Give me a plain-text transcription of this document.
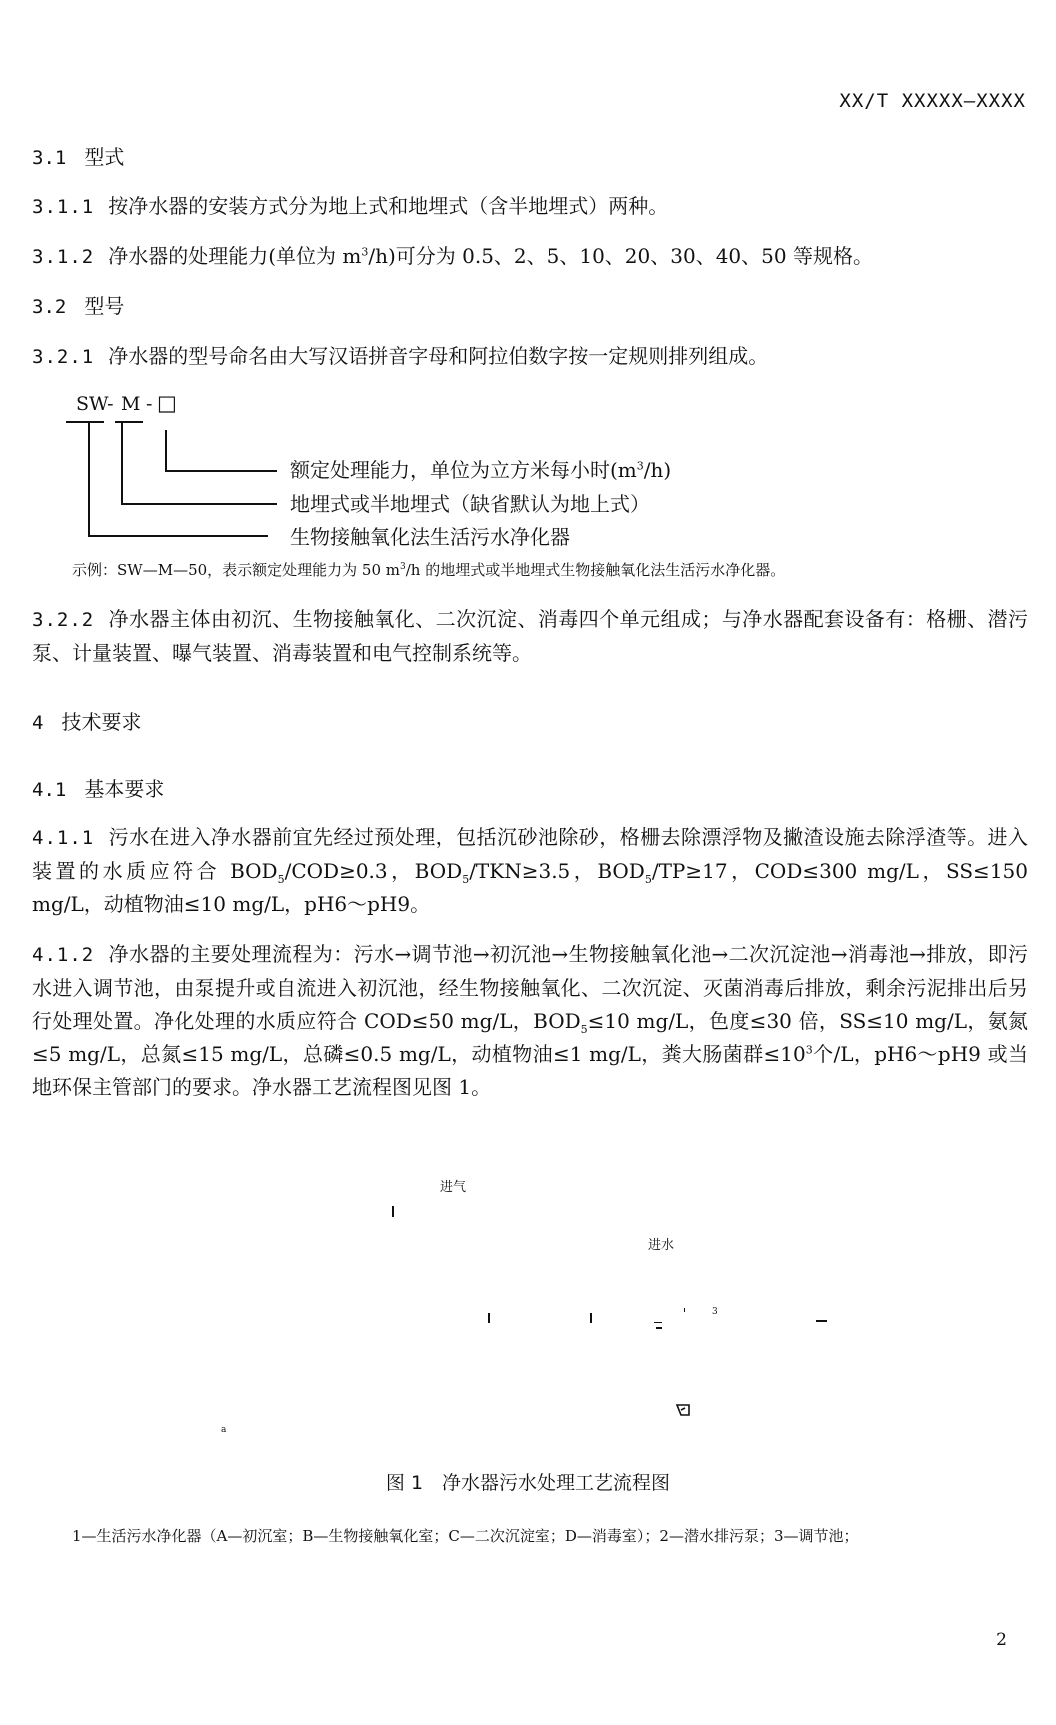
XX/T XXXXX—XXXX
3.1 型式
3.1.1 按净水器的安装方式分为地上式和地埋式（含半地埋式）两种。
3.1.2 净水器的处理能力(单位为 $m^3/h$)可分为 0.5、2、5、10、20、30、40、50 等规格。
3.2 型号
3.2.1 净水器的型号命名由大写汉语拼音字母和阿拉伯数字按一定规则排列组成。
SW- M - □
额定处理能力，单位为立方米每小时$(m^3/h)$
地埋式或半地埋式（缺省默认为地上式）
生物接触氧化法生活污水净化器
示例：SW—M—50，表示额定处理能力为 50 $m^3/h$ 的地埋式或半地埋式生物接触氧化法生活污水净化器。
3.2.2 净水器主体由初沉、生物接触氧化、二次沉淀、消毒四个单元组成；与净水器配套设备有：格栅、潜污泵、计量装置、曝气装置、消毒装置和电气控制系统等。
4 技术要求
4.1 基本要求
4.1.1 污水在进入净水器前宜先经过预处理，包括沉砂池除砂，格栅去除漂浮物及撇渣设施去除浮渣等。进入装置的水质应符合 $BOD_5/COD\ge 0.3$，$BOD_5/TKN\ge 3.5$，$BOD_5/TP\ge 17$，COD≤300 mg/L，SS≤150 mg/L，动植物油≤10 mg/L，pH6～pH9。
4.1.2 净水器的主要处理流程为：污水→调节池→初沉池→生物接触氧化池→二次沉淀池→消毒池→排放，即污水进入调节池，由泵提升或自流进入初沉池，经生物接触氧化、二次沉淀、灭菌消毒后排放，剩余污泥排出后另行处理处置。净化处理的水质应符合 COD≤50 mg/L，$BOD_5\le 10$ mg/L，色度≤30 倍，SS≤10 mg/L，氨氮≤5 mg/L，总氮≤15 mg/L，总磷≤0.5 mg/L，动植物油≤1 mg/L，粪大肠菌群$\le 10^3$个/L，pH6～pH9 或当地环保主管部门的要求。净水器工艺流程图见图 1。
进气
进水
3
a
图 1　净水器污水处理工艺流程图
1—生活污水净化器（A—初沉室；B—生物接触氧化室；C—二次沉淀室；D—消毒室）；2—潜水排污泵；3—调节池；
2
